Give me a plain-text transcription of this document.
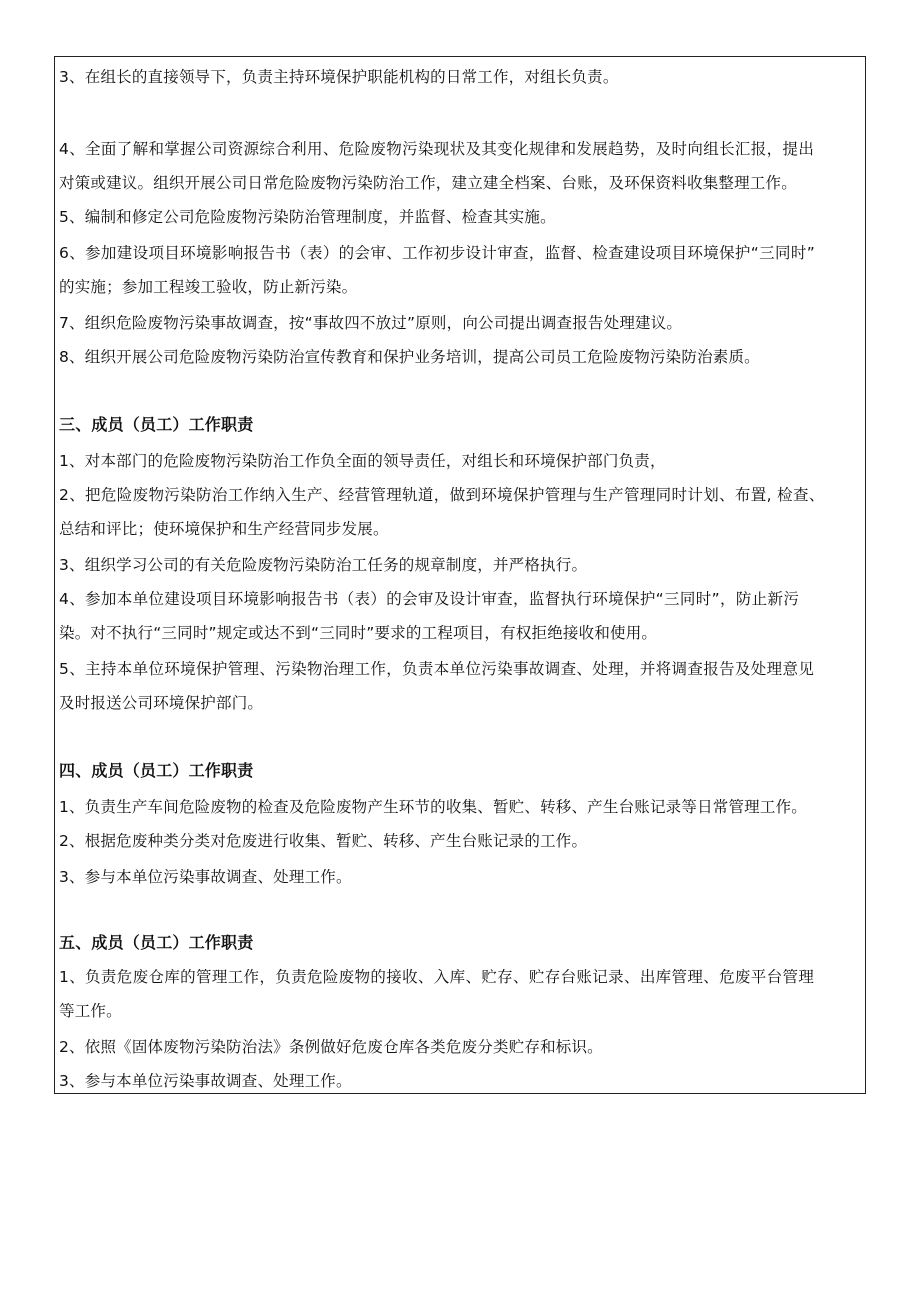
3、在组长的直接领导下，负责主持环境保护职能机构的日常工作，对组长负责。
4、全面了解和掌握公司资源综合利用、危险废物污染现状及其变化规律和发展趋势，及时向组长汇报，提出
对策或建议。组织开展公司日常危险废物污染防治工作，建立建全档案、台账，及环保资料收集整理工作。
5、编制和修定公司危险废物污染防治管理制度，并监督、检查其实施。
6、参加建设项目环境影响报告书（表）的会审、工作初步设计审查，监督、检查建设项目环境保护“三同时”
的实施；参加工程竣工验收，防止新污染。
7、组织危险废物污染事故调查，按“事故四不放过”原则，向公司提出调查报告处理建议。
8、组织开展公司危险废物污染防治宣传教育和保护业务培训，提高公司员工危险废物污染防治素质。
三、成员（员工）工作职责
1、对本部门的危险废物污染防治工作负全面的领导责任，对组长和环境保护部门负责，
2、把危险废物污染防治工作纳入生产、经营管理轨道，做到环境保护管理与生产管理同时计划、布置, 检查、
总结和评比；使环境保护和生产经营同步发展。
3、组织学习公司的有关危险废物污染防治工任务的规章制度，并严格执行。
4、参加本单位建设项目环境影响报告书（表）的会审及设计审查，监督执行环境保护“三同时”，防止新污
染。对不执行“三同时”规定或达不到“三同时”要求的工程项目，有权拒绝接收和使用。
5、主持本单位环境保护管理、污染物治理工作，负责本单位污染事故调查、处理，并将调查报告及处理意见
及时报送公司环境保护部门。
四、成员（员工）工作职责
1、负责生产车间危险废物的检查及危险废物产生环节的收集、暂贮、转移、产生台账记录等日常管理工作。
2、根据危废种类分类对危废进行收集、暂贮、转移、产生台账记录的工作。
3、参与本单位污染事故调查、处理工作。
五、成员（员工）工作职责
1、负责危废仓库的管理工作，负责危险废物的接收、入库、贮存、贮存台账记录、出库管理、危废平台管理
等工作。
2、依照《固体废物污染防治法》条例做好危废仓库各类危废分类贮存和标识。
3、参与本单位污染事故调查、处理工作。
